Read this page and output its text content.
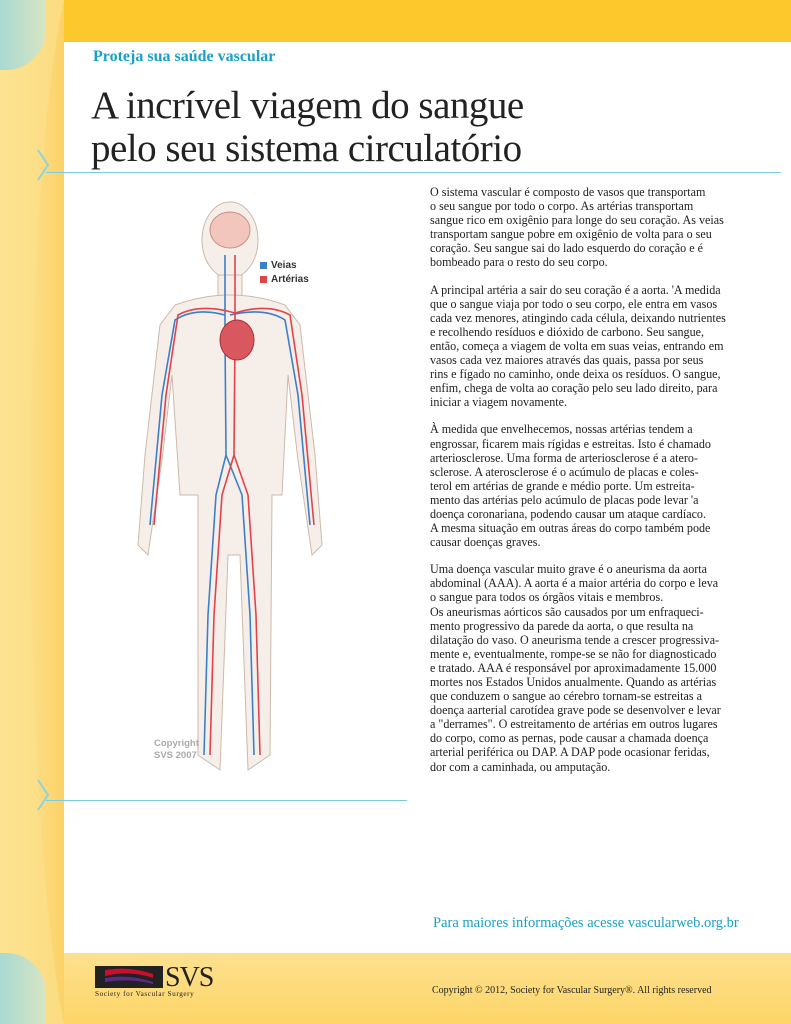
Proteja sua saúde vascular
A incrível viagem do sangue
pelo seu sistema circulatório
Veias
Artérias
Copyright
SVS 2007

O sistema vascular é composto de vasos que transportam
o seu sangue por todo o corpo. As artérias transportam
sangue rico em oxigênio para longe do seu coração. As veias
transportam sangue pobre em oxigênio de volta para o seu
coração. Seu sangue sai do lado esquerdo do coração e é
bombeado para o resto do seu corpo.

A principal artéria a sair do seu coração é a aorta. 'A medida
que o sangue viaja por todo o seu corpo, ele entra em vasos
cada vez menores, atingindo cada célula, deixando nutrientes
e recolhendo resíduos e dióxido de carbono. Seu sangue,
então, começa a viagem de volta em suas veias, entrando em
vasos cada vez maiores através das quais, passa por seus
rins e fígado no caminho, onde deixa os resíduos. O sangue,
enfim, chega de volta ao coração pelo seu lado direito, para
iniciar a viagem novamente.

À medida que envelhecemos, nossas artérias tendem a
engrossar, ficarem mais rígidas e estreitas. Isto é chamado
arteriosclerose. Uma forma de arteriosclerose é a atero-
sclerose. A aterosclerose é o acúmulo de placas e coles-
terol em artérias de grande e médio porte. Um estreita-
mento das artérias pelo acúmulo de placas pode levar 'a
doença coronariana, podendo causar um ataque cardíaco.
A mesma situação em outras áreas do corpo também pode
causar doenças graves.

Uma doença vascular muito grave é o aneurisma da aorta
abdominal (AAA). A aorta é a maior artéria do corpo e leva
o sangue para todos os órgãos vitais e membros.
Os aneurismas aórticos são causados por um enfraqueci-
mento progressivo da parede da aorta, o que resulta na
dilatação do vaso. O aneurisma tende a crescer progressiva-
mente e, eventualmente, rompe-se se não for diagnosticado
e tratado. AAA é responsável por aproximadamente 15.000
mortes nos Estados Unidos anualmente. Quando as artérias
que conduzem o sangue ao cérebro tornam-se estreitas a
doença aarterial carotídea grave pode se desenvolver e levar
a "derrames". O estreitamento de artérias em outros lugares
do corpo, como as pernas, pode causar a chamada doença
arterial periférica ou DAP. A DAP pode ocasionar feridas,
dor com a caminhada, ou amputação.

Para maiores informações acesse vascularweb.org.br
SVS
Society for Vascular Surgery	Copyright © 2012, Society for Vascular Surgery®. All rights reserved
